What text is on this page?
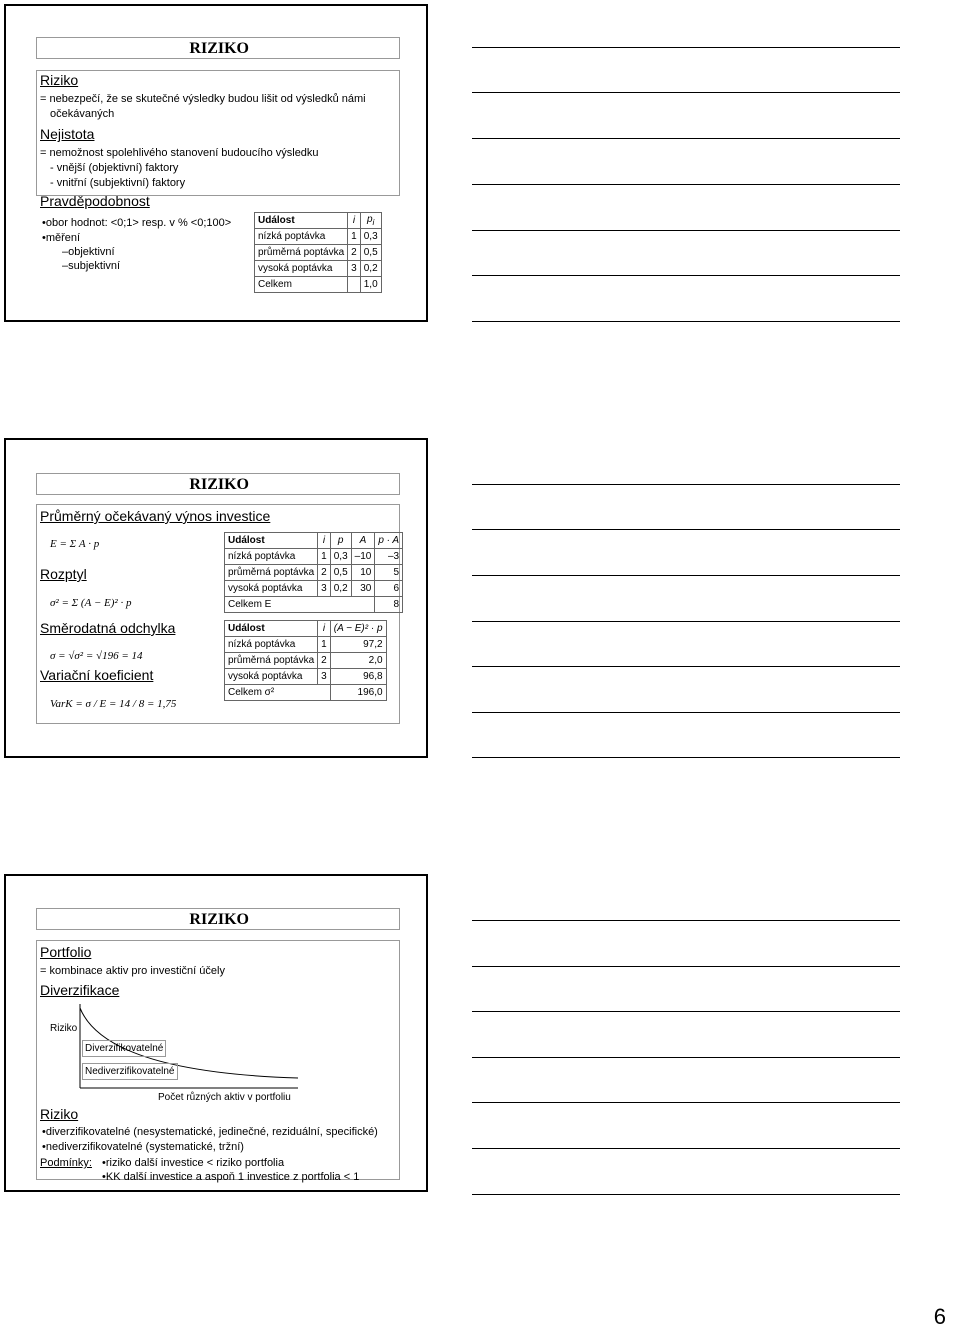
RIZIKO
Riziko
= nebezpečí, že se skutečné výsledky budou lišit od výsledků námi
očekávaných
Nejistota
= nemožnost spolehlivého stanovení budoucího výsledku
- vnější (objektivní) faktory
- vnitřní (subjektivní) faktory
Pravděpodobnost
• obor hodnot: <0;1> resp. v % <0;100>
• měření
– objektivní
– subjektivní
Událost	i	$p_i$
nízká poptávka	1	0,3
průměrná poptávka	2	0,5
vysoká poptávka	3	0,2
Celkem		1,0
RIZIKO
Průměrný očekávaný výnos investice
E = Σ A · p
Rozptyl
σ² = Σ (A − E)² · p
Směrodatná odchylka
σ = √σ² = √196 = 14
Variační koeficient
VarK = σ / E = 14 / 8 = 1,75
Událost	i	p	A	p · A
nízká poptávka	1	0,3	–10	–3
průměrná poptávka	2	0,5	10	5
vysoká poptávka	3	0,2	30	6
Celkem E				8
Událost	i	(A − E)² · p
nízká poptávka	1	97,2
průměrná poptávka	2	2,0
vysoká poptávka	3	96,8
Celkem σ²		196,0
RIZIKO
Portfolio
= kombinace aktiv pro investiční účely
Diverzifikace
Riziko
Diverzifikovatelné
Nediverzifikovatelné
Počet různých aktiv v portfoliu
Riziko
• diverzifikovatelné (nesystematické, jedinečné, reziduální, specifické)
• nediverzifikovatelné (systematické, tržní)
Podmínky:	• riziko další investice < riziko portfolia
• KK další investice a aspoň 1 investice z portfolia < 1
6
